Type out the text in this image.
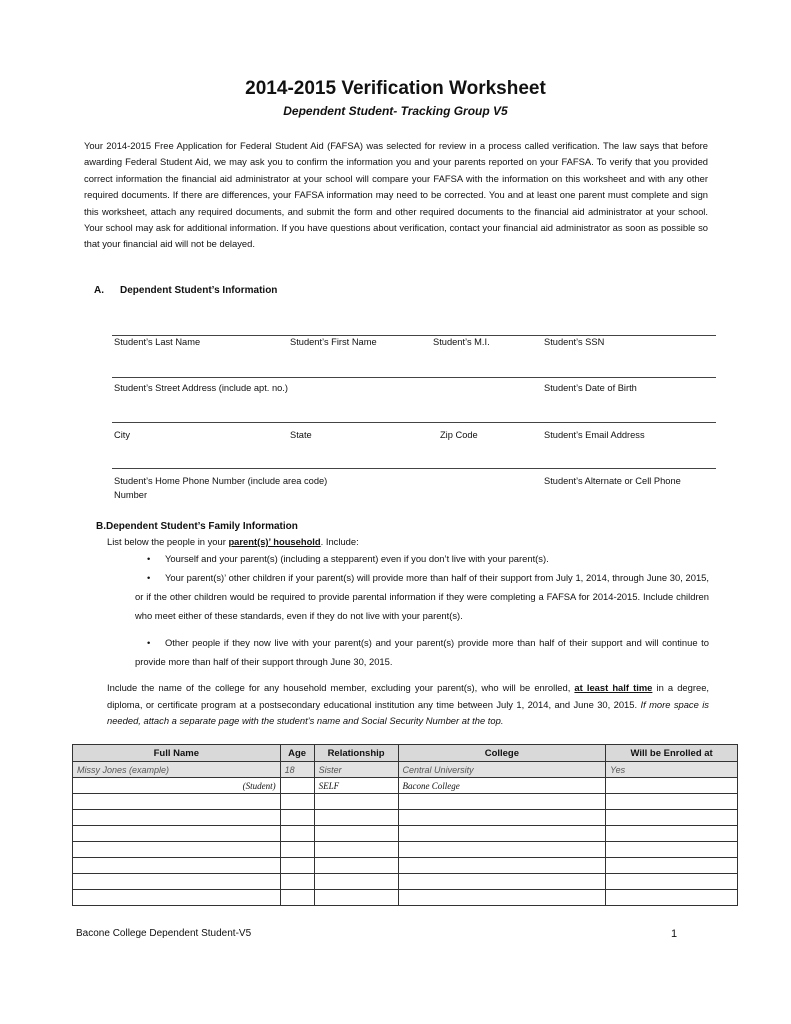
2014-2015 Verification Worksheet
Dependent Student- Tracking Group V5
Your 2014-2015 Free Application for Federal Student Aid (FAFSA) was selected for review in a process called verification. The law says that before awarding Federal Student Aid, we may ask you to confirm the information you and your parents reported on your FAFSA. To verify that you provided correct information the financial aid administrator at your school will compare your FAFSA with the information on this worksheet and with any other required documents. If there are differences, your FAFSA information may need to be corrected. You and at least one parent must complete and sign this worksheet, attach any required documents, and submit the form and other required documents to the financial aid administrator at your school. Your school may ask for additional information. If you have questions about verification, contact your financial aid administrator as soon as possible so that your financial aid will not be delayed.
A. Dependent Student’s Information
Student’s Last Name	Student’s First Name	Student’s M.I.	Student’s SSN
Student’s Street Address (include apt. no.)	Student’s Date of Birth
City	State	Zip Code	Student’s Email Address
Student’s Home Phone Number (include area code)	Student’s Alternate or Cell Phone
Number
B.Dependent Student’s Family Information
List below the people in your parent(s)’ household. Include:
•	Yourself and your parent(s) (including a stepparent) even if you don’t live with your parent(s).
•	Your parent(s)’ other children if your parent(s) will provide more than half of their support from July 1, 2014, through June 30, 2015, or if the other children would be required to provide parental information if they were completing a FAFSA for 2014-2015. Include children who meet either of these standards, even if they do not live with your parent(s).
•	Other people if they now live with your parent(s) and your parent(s) provide more than half of their support and will continue to provide more than half of their support through June 30, 2015.
Include the name of the college for any household member, excluding your parent(s), who will be enrolled, at least half time in a degree, diploma, or certificate program at a postsecondary educational institution any time between July 1, 2014, and June 30, 2015. If more space is needed, attach a separate page with the student’s name and Social Security Number at the top.
Full Name	Age	Relationship	College	Will be Enrolled at
Missy Jones (example)	18	Sister	Central University	Yes
(Student)		SELF	Bacone College	

Bacone College Dependent Student-V5	1
